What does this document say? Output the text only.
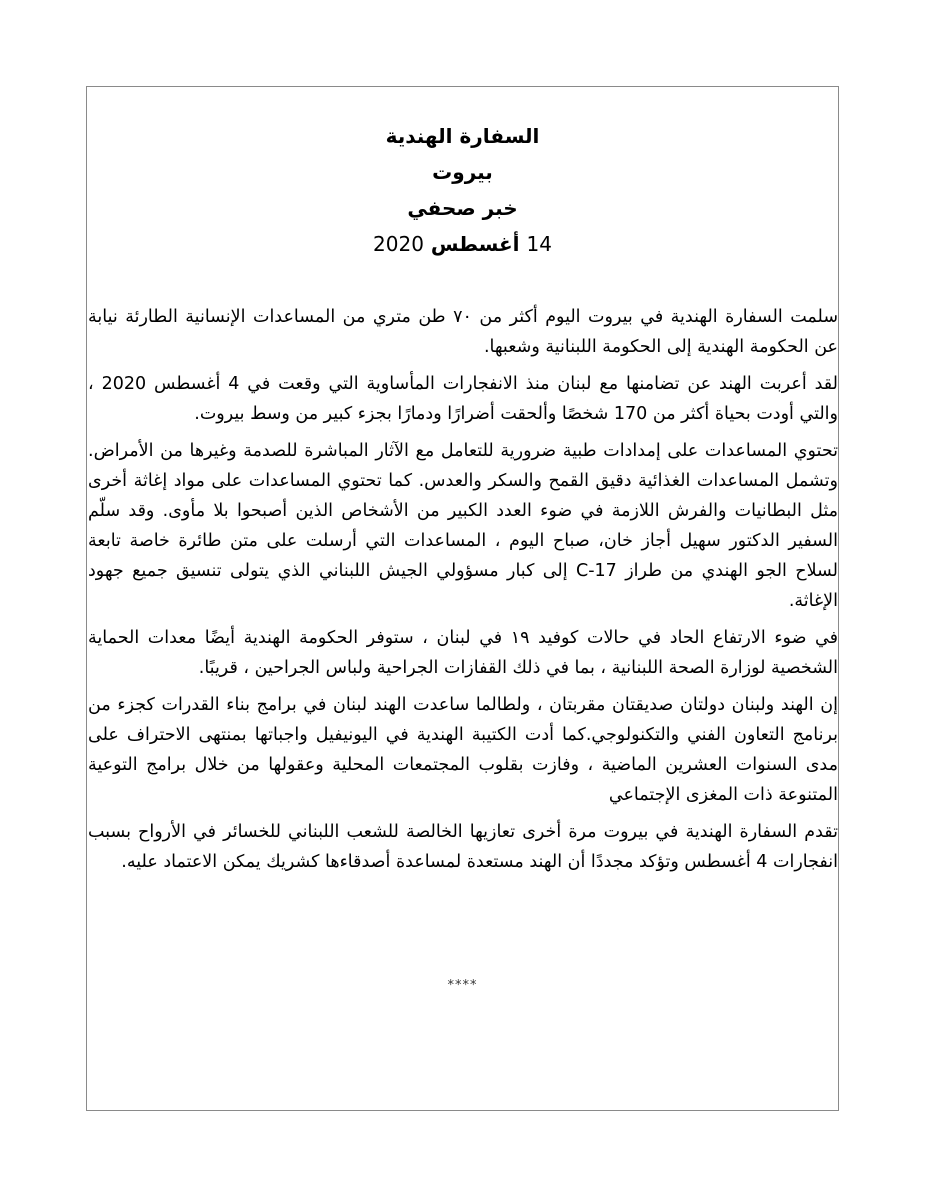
السفارة الهندية
بيروت
خبر صحفي
14 أغسطس 2020

سلمت السفارة الهندية في بيروت اليوم أكثر من ٧٠ طن متري من المساعدات الإنسانية الطارئة نيابة عن الحكومة الهندية إلى الحكومة اللبنانية وشعبها.

لقد أعربت الهند عن تضامنها مع لبنان منذ الانفجارات المأساوية التي وقعت في 4 أغسطس 2020 ، والتي أودت بحياة أكثر من 170 شخصًا وألحقت أضرارًا ودمارًا بجزء كبير من وسط بيروت.

تحتوي المساعدات على إمدادات طبية ضرورية للتعامل مع الآثار المباشرة للصدمة وغيرها من الأمراض. وتشمل المساعدات الغذائية دقيق القمح والسكر والعدس. كما تحتوي المساعدات على مواد إغاثة أخرى مثل البطانيات والفرش اللازمة في ضوء العدد الكبير من الأشخاص الذين أصبحوا بلا مأوى. وقد سلّم السفير الدكتور سهيل أجاز خان، صباح اليوم ، المساعدات التي أرسلت على متن طائرة خاصة تابعة لسلاح الجو الهندي من طراز C-17 إلى كبار مسؤولي الجيش اللبناني الذي يتولى تنسيق جميع جهود الإغاثة.

في ضوء الارتفاع الحاد في حالات كوفيد ١٩ في لبنان ، ستوفر الحكومة الهندية أيضًا معدات الحماية الشخصية لوزارة الصحة اللبنانية ، بما في ذلك القفازات الجراحية ولباس الجراحين ، قريبًا.

إن الهند ولبنان دولتان صديقتان مقربتان ، ولطالما ساعدت الهند لبنان في برامج بناء القدرات كجزء من برنامج التعاون الفني والتكنولوجي.كما أدت الكتيبة الهندية في اليونيفيل واجباتها بمنتهى الاحتراف على مدى السنوات العشرين الماضية ، وفازت بقلوب المجتمعات المحلية وعقولها من خلال برامج التوعية المتنوعة ذات المغزى الإجتماعي

تقدم السفارة الهندية في بيروت مرة أخرى تعازيها الخالصة للشعب اللبناني للخسائر في الأرواح بسبب انفجارات 4 أغسطس وتؤكد مجددًا أن الهند مستعدة لمساعدة أصدقاءها كشريك يمكن الاعتماد عليه.

****
